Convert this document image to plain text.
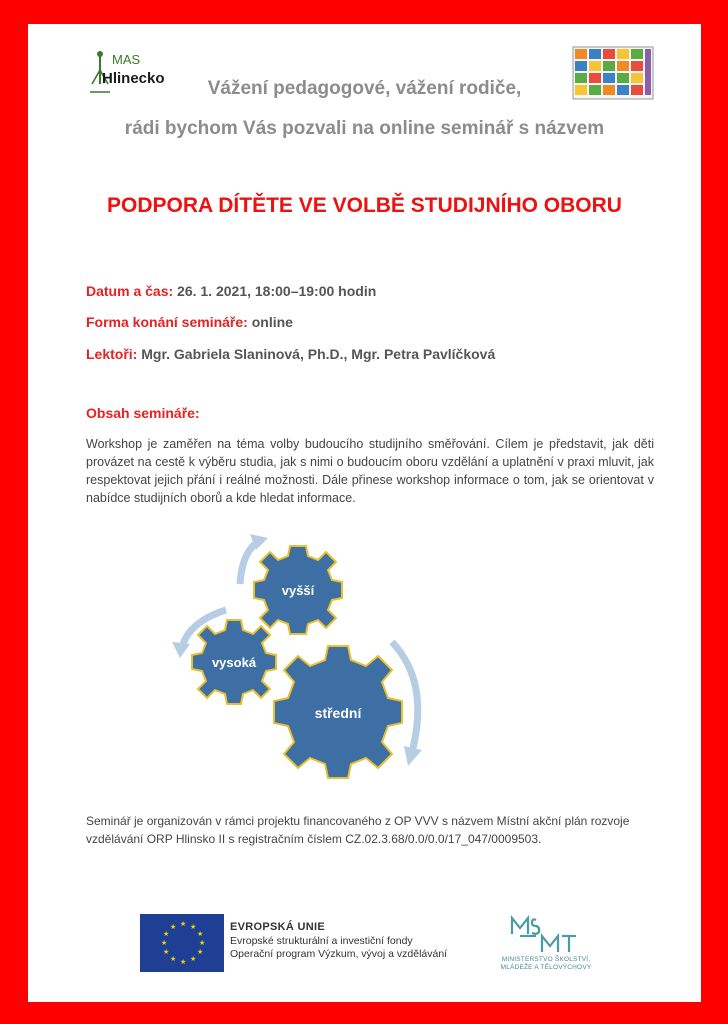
MAS
Hlinecko	Vážení pedagogové, vážení rodiče,
rádi bychom Vás pozvali na online seminář s názvem
PODPORA DÍTĚTE VE VOLBĚ STUDIJNÍHO OBORU
Datum a čas: 26. 1. 2021, 18:00–19:00 hodin
Forma konání semináře: online
Lektoři: Mgr. Gabriela Slaninová, Ph.D., Mgr. Petra Pavlíčková
Obsah semináře:
Workshop je zaměřen na téma volby budoucího studijního směřování. Cílem je představit, jak děti provázet na cestě k výběru studia, jak s nimi o budoucím oboru vzdělání a uplatnění v praxi mluvit, jak respektovat jejich přání i reálné možnosti. Dále přinese workshop informace o tom, jak se orientovat v nabídce studijních oborů a kde hledat informace.
vyšší
vysoká
střední
Seminář je organizován v rámci projektu financovaného z OP VVV s názvem Místní akční plán rozvoje vzdělávání ORP Hlinsko II s registračním číslem CZ.02.3.68/0.0/0.0/17_047/0009503.
★ ★
★
★
★
★
★
★
★
★
★
★	EVROPSKÁ UNIE
Evropské strukturální a investiční fondy
Operační program Výzkum, vývoj a vzdělávání	MINISTERSTVO ŠKOLSTVÍ,
MLÁDEŽE A TĚLOVÝCHOVY
